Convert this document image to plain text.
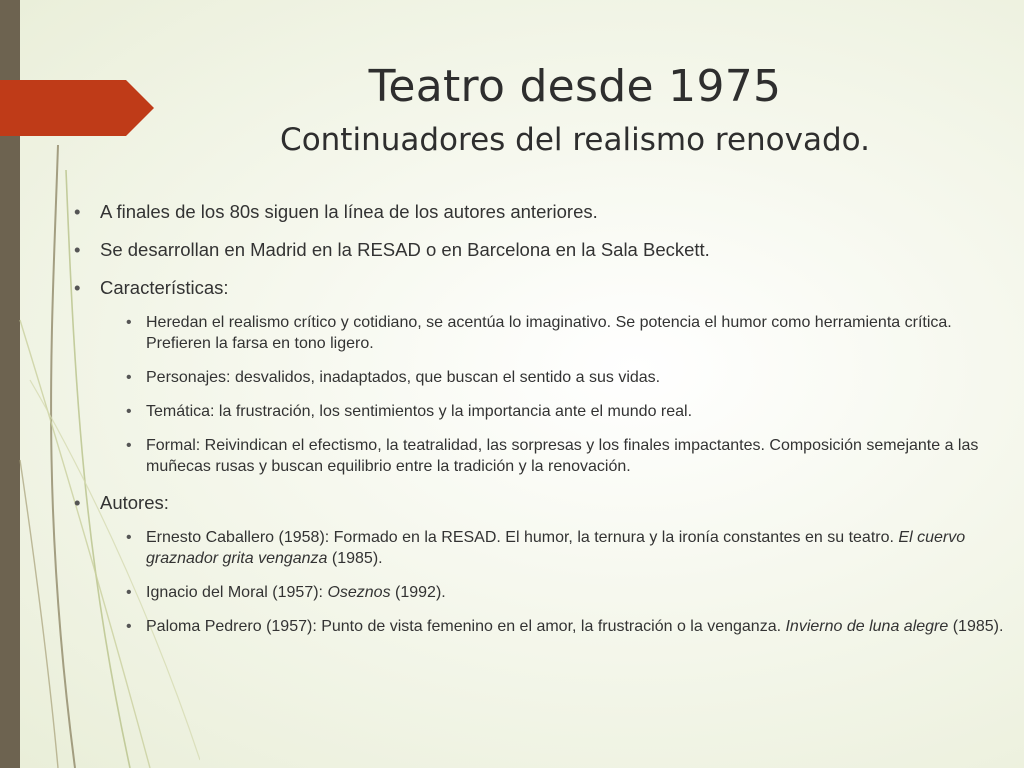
Teatro desde 1975
Continuadores del realismo renovado.
• A finales de los 80s siguen la línea de los autores anteriores.
• Se desarrollan en Madrid en la RESAD o en Barcelona en la Sala Beckett.
• Características:
• Heredan el realismo crítico y cotidiano, se acentúa lo imaginativo. Se potencia el humor como herramienta crítica. Prefieren la farsa en tono ligero.
• Personajes: desvalidos, inadaptados, que buscan el sentido a sus vidas.
• Temática: la frustración, los sentimientos y la importancia ante el mundo real.
• Formal: Reivindican el efectismo, la teatralidad, las sorpresas y los finales impactantes. Composición semejante a las muñecas rusas y buscan equilibrio entre la tradición y la renovación.
• Autores:
• Ernesto Caballero (1958): Formado en la RESAD. El humor, la ternura y la ironía constantes en su teatro. El cuervo graznador grita venganza (1985).
• Ignacio del Moral (1957): Oseznos (1992).
• Paloma Pedrero (1957): Punto de vista femenino en el amor, la frustración o la venganza. Invierno de luna alegre (1985).
